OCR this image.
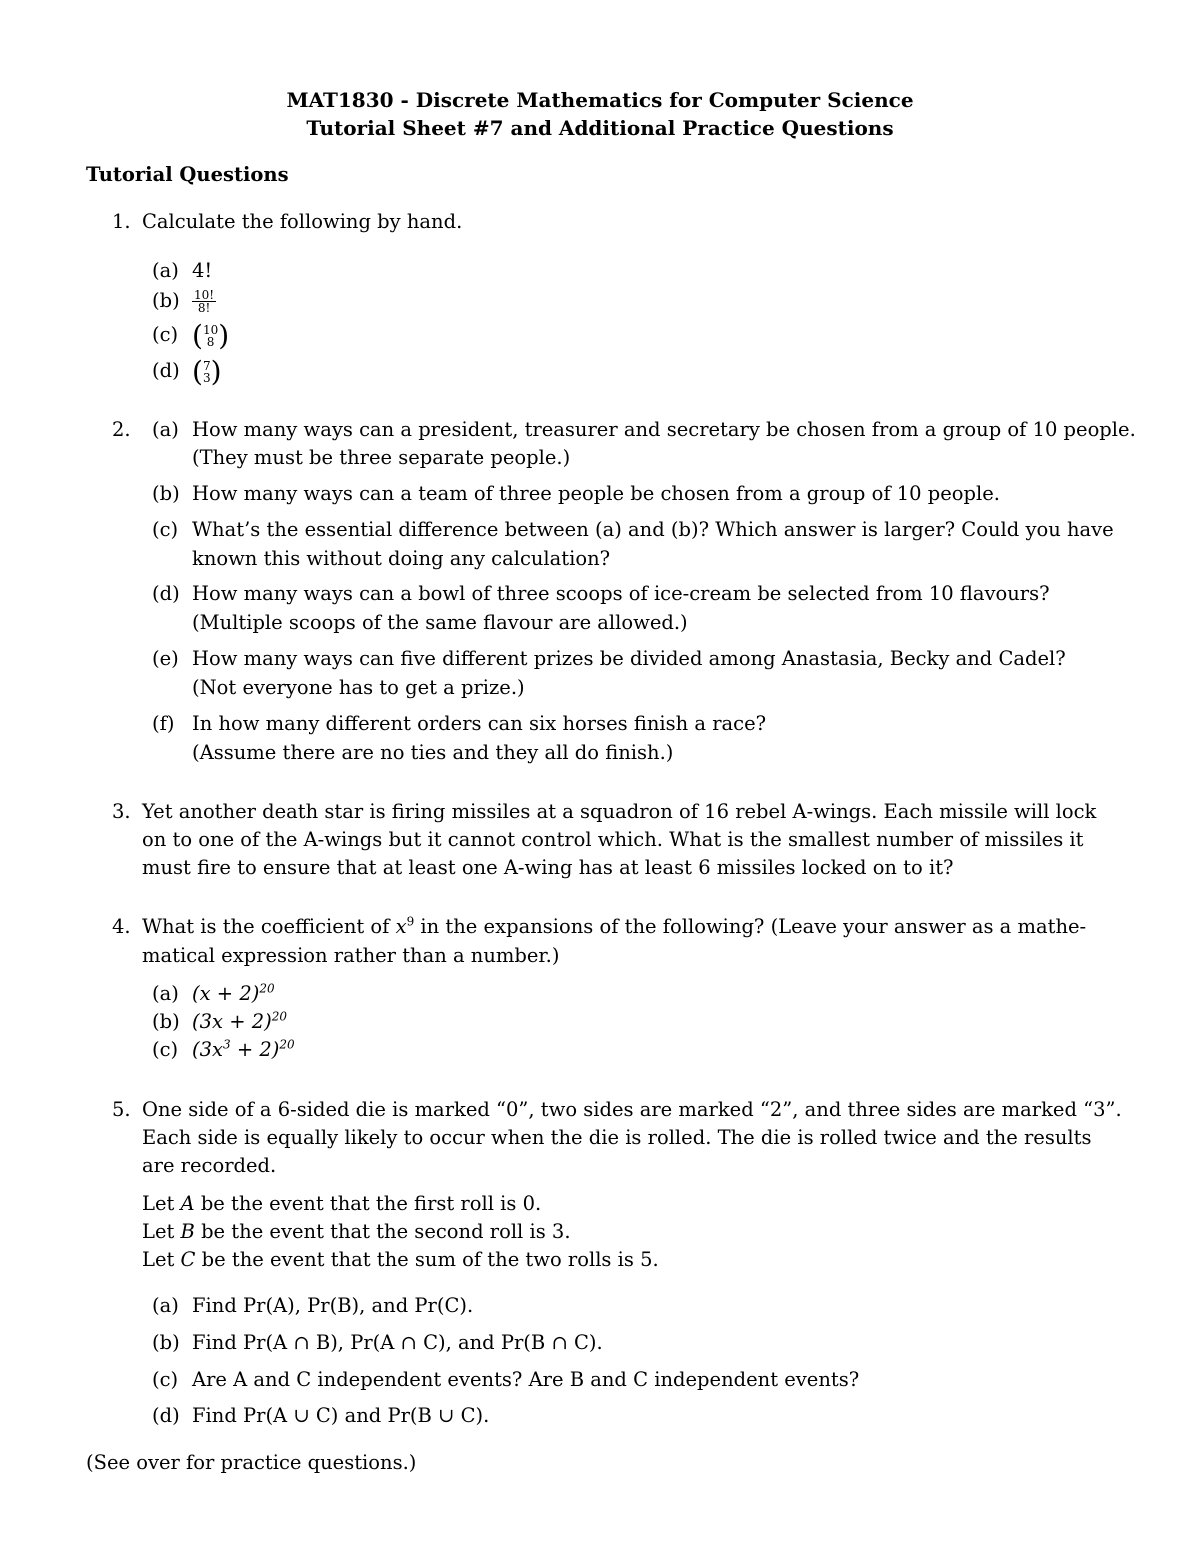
MAT1830 - Discrete Mathematics for Computer Science
Tutorial Sheet #7 and Additional Practice Questions
Tutorial Questions
1. Calculate the following by hand.
(a) 4!
$(b) \frac{10!}{8!}$
(c) ( 10
8 )
(d) ( 7
3 )
2. (a) How many ways can a president, treasurer and secretary be chosen from a group of 10 people.
(They must be three separate people.)
(b) How many ways can a team of three people be chosen from a group of 10 people.
(c) What’s the essential difference between (a) and (b)? Which answer is larger? Could you have
known this without doing any calculation?
(d) How many ways can a bowl of three scoops of ice-cream be selected from 10 flavours?
(Multiple scoops of the same flavour are allowed.)
(e) How many ways can five different prizes be divided among Anastasia, Becky and Cadel?
(Not everyone has to get a prize.)
(f) In how many different orders can six horses finish a race?
(Assume there are no ties and they all do finish.)
3. Yet another death star is firing missiles at a squadron of 16 rebel A-wings. Each missile will lock
on to one of the A-wings but it cannot control which. What is the smallest number of missiles it
must fire to ensure that at least one A-wing has at least 6 missiles locked on to it?
4. What is the coefficient of $x^9$ in the expansions of the following? (Leave your answer as a mathe-
matical expression rather than a number.)
(a) $(x + 2)^{20}$
(b) $(3x + 2)^{20}$
(c) $(3x^3 + 2)^{20}$
5. One side of a 6-sided die is marked “0”, two sides are marked “2”, and three sides are marked “3”.
Each side is equally likely to occur when the die is rolled. The die is rolled twice and the results
are recorded.
Let A be the event that the first roll is 0.
Let B be the event that the second roll is 3.
Let C be the event that the sum of the two rolls is 5.
(a) Find Pr(A), Pr(B), and Pr(C).
(b) Find Pr(A ∩ B), Pr(A ∩ C), and Pr(B ∩ C).
(c) Are A and C independent events? Are B and C independent events?
(d) Find Pr(A ∪ C) and Pr(B ∪ C).
(See over for practice questions.)
